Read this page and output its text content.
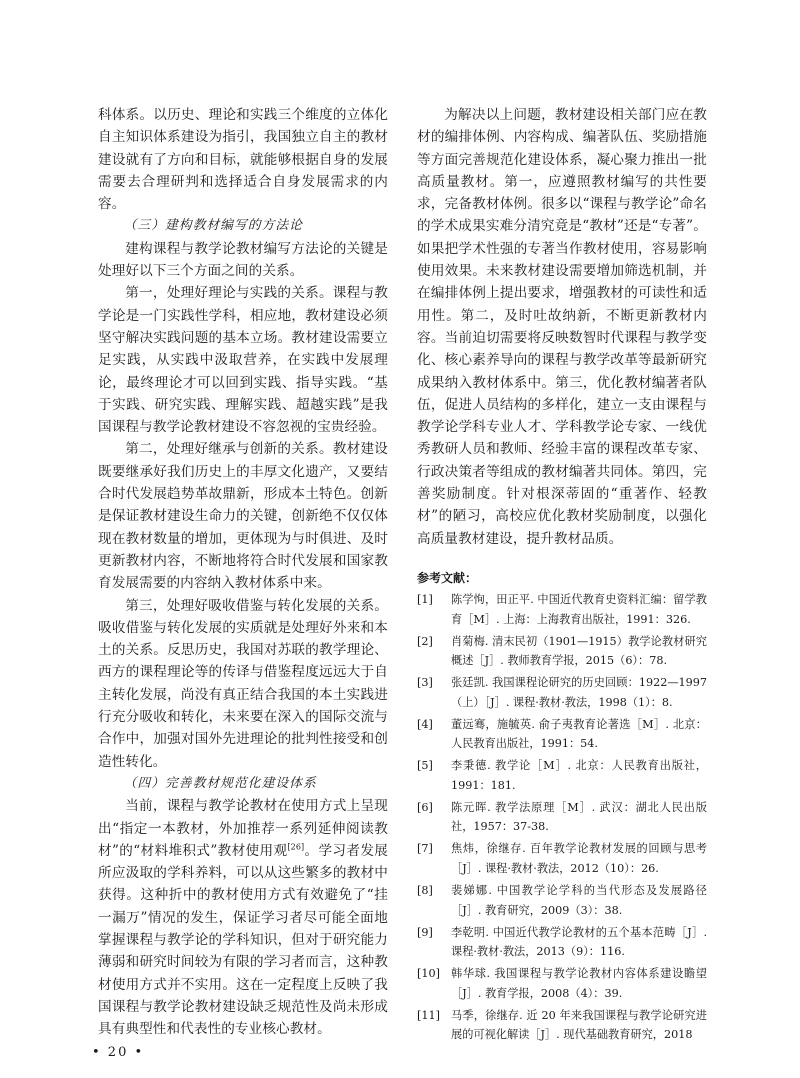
科体系。以历史、理论和实践三个维度的立体化自主知识体系建设为指引，我国独立自主的教材建设就有了方向和目标，就能够根据自身的发展需要去合理研判和选择适合自身发展需求的内容。

（三）建构教材编写的方法论

建构课程与教学论教材编写方法论的关键是处理好以下三个方面之间的关系。

第一，处理好理论与实践的关系。课程与教学论是一门实践性学科，相应地，教材建设必须坚守解决实践问题的基本立场。教材建设需要立足实践，从实践中汲取营养，在实践中发展理论，最终理论才可以回到实践、指导实践。“基于实践、研究实践、理解实践、超越实践”是我国课程与教学论教材建设不容忽视的宝贵经验。

第二，处理好继承与创新的关系。教材建设既要继承好我们历史上的丰厚文化遗产，又要结合时代发展趋势革故鼎新，形成本土特色。创新是保证教材建设生命力的关键，创新绝不仅仅体现在教材数量的增加，更体现为与时俱进、及时更新教材内容，不断地将符合时代发展和国家教育发展需要的内容纳入教材体系中来。

第三，处理好吸收借鉴与转化发展的关系。吸收借鉴与转化发展的实质就是处理好外来和本土的关系。反思历史，我国对苏联的教学理论、西方的课程理论等的传译与借鉴程度远远大于自主转化发展，尚没有真正结合我国的本土实践进行充分吸收和转化，未来要在深入的国际交流与合作中，加强对国外先进理论的批判性接受和创造性转化。

（四）完善教材规范化建设体系

当前，课程与教学论教材在使用方式上呈现出“指定一本教材，外加推荐一系列延伸阅读教材”的“材料堆积式”教材使用观[26]。学习者发展所应汲取的学科养料，可以从这些繁多的教材中获得。这种折中的教材使用方式有效避免了“挂一漏万”情况的发生，保证学习者尽可能全面地掌握课程与教学论的学科知识，但对于研究能力薄弱和研究时间较为有限的学习者而言，这种教材使用方式并不实用。这在一定程度上反映了我国课程与教学论教材建设缺乏规范性及尚未形成具有典型性和代表性的专业核心教材。

为解决以上问题，教材建设相关部门应在教材的编排体例、内容构成、编著队伍、奖励措施等方面完善规范化建设体系，凝心聚力推出一批高质量教材。第一，应遵照教材编写的共性要求，完备教材体例。很多以“课程与教学论”命名的学术成果实难分清究竟是“教材”还是“专著”。如果把学术性强的专著当作教材使用，容易影响使用效果。未来教材建设需要增加筛选机制，并在编排体例上提出要求，增强教材的可读性和适用性。第二，及时吐故纳新，不断更新教材内容。当前迫切需要将反映数智时代课程与教学变化、核心素养导向的课程与教学改革等最新研究成果纳入教材体系中。第三，优化教材编著者队伍，促进人员结构的多样化，建立一支由课程与教学论学科专业人才、学科教学论专家、一线优秀教研人员和教师、经验丰富的课程改革专家、行政决策者等组成的教材编著共同体。第四，完善奖励制度。针对根深蒂固的“重著作、轻教材”的陋习，高校应优化教材奖励制度，以强化高质量教材建设，提升教材品质。

参考文献：
[1] 陈学恂，田正平. 中国近代教育史资料汇编：留学教育［M］. 上海：上海教育出版社，1991：326.
[2] 肖菊梅. 清末民初（1901—1915）教学论教材研究概述［J］. 教师教育学报，2015（6）：78.
[3] 张廷凯. 我国课程论研究的历史回顾：1922—1997（上）［J］. 课程·教材·教法，1998（1）：8.
[4] 董远骞，施毓英. 俞子夷教育论著选［M］. 北京：人民教育出版社，1991：54.
[5] 李秉德. 教学论［M］. 北京：人民教育出版社，1991：181.
[6] 陈元晖. 教学法原理［M］. 武汉：湖北人民出版社，1957：37-38.
[7] 焦炜，徐继存. 百年教学论教材发展的回顾与思考［J］. 课程·教材·教法，2012（10）：26.
[8] 裴娣娜. 中国教学论学科的当代形态及发展路径［J］. 教育研究，2009（3）：38.
[9] 李乾明. 中国近代教学论教材的五个基本范畴［J］. 课程·教材·教法，2013（9）：116.
[10] 韩华球. 我国课程与教学论教材内容体系建设瞻望［J］. 教育学报，2008（4）：39.
[11] 马季，徐继存. 近 20 年来我国课程与教学论研究进展的可视化解读［J］. 现代基础教育研究，2018
• 20 •
